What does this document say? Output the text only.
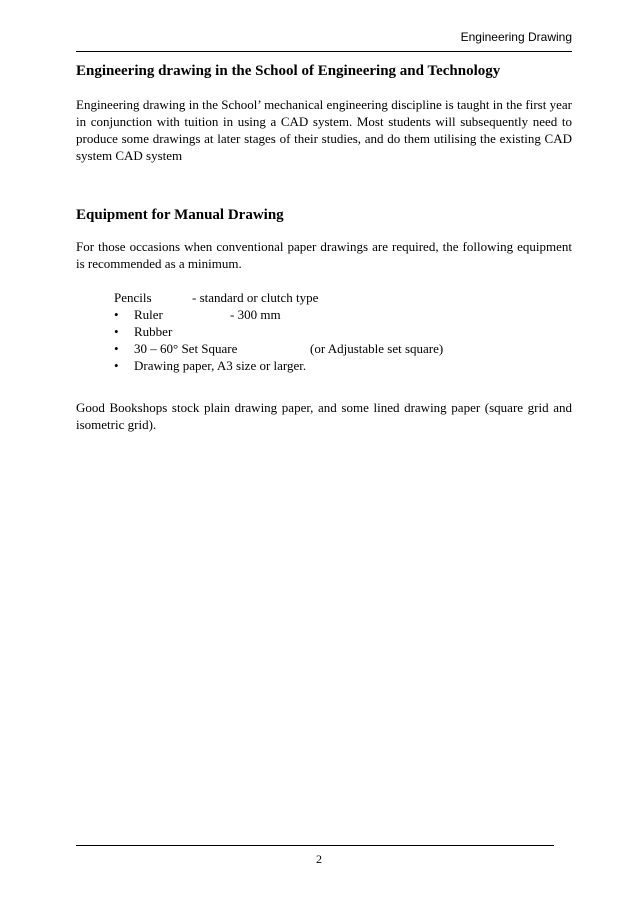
Engineering Drawing
Engineering drawing in the School of Engineering and Technology

Engineering drawing in the School’ mechanical engineering discipline is taught in the first year in conjunction with tuition in using a CAD system. Most students will subsequently need to produce some drawings at later stages of their studies, and do them utilising the existing CAD system CAD system

Equipment for Manual Drawing

For those occasions when conventional paper drawings are required, the following equipment is recommended as a minimum.

Pencils	- standard or clutch type
• Ruler	- 300 mm
• Rubber
• 30 – 60° Set Square	(or Adjustable set square)
• Drawing paper, A3 size or larger.

Good Bookshops stock plain drawing paper, and some lined drawing paper (square grid and isometric grid).

2
